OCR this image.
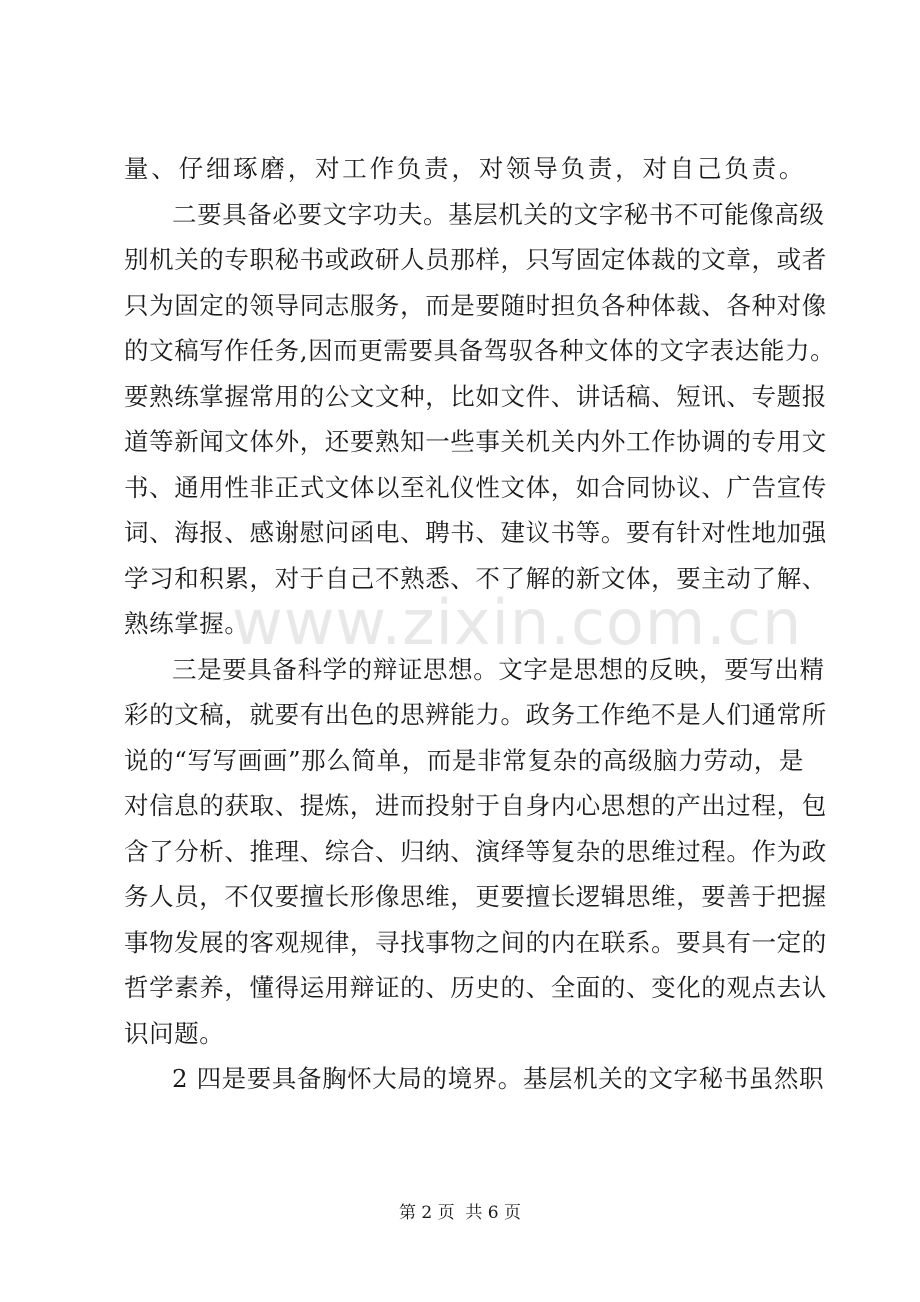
量、仔细琢磨，对工作负责，对领导负责，对自己负责。
二要具备必要文字功夫。基层机关的文字秘书不可能像高级
别机关的专职秘书或政研人员那样，只写固定体裁的文章，或者
只为固定的领导同志服务，而是要随时担负各种体裁、各种对像
的文稿写作任务,因而更需要具备驾驭各种文体的文字表达能力。
要熟练掌握常用的公文文种，比如文件、讲话稿、短讯、专题报
道等新闻文体外，还要熟知一些事关机关内外工作协调的专用文
书、通用性非正式文体以至礼仪性文体，如合同协议、广告宣传
词、海报、感谢慰问函电、聘书、建议书等。要有针对性地加强
学习和积累，对于自己不熟悉、不了解的新文体，要主动了解、
熟练掌握。
三是要具备科学的辩证思想。文字是思想的反映，要写出精
彩的文稿，就要有出色的思辨能力。政务工作绝不是人们通常所
说的“写写画画”那么简单，而是非常复杂的高级脑力劳动，是
对信息的获取、提炼，进而投射于自身内心思想的产出过程，包
含了分析、推理、综合、归纳、演绎等复杂的思维过程。作为政
务人员，不仅要擅长形像思维，更要擅长逻辑思维，要善于把握
事物发展的客观规律，寻找事物之间的内在联系。要具有一定的
哲学素养，懂得运用辩证的、历史的、全面的、变化的观点去认
识问题。
2 四是要具备胸怀大局的境界。基层机关的文字秘书虽然职
www.zixin.com.cn
第 2 页  共 6 页
